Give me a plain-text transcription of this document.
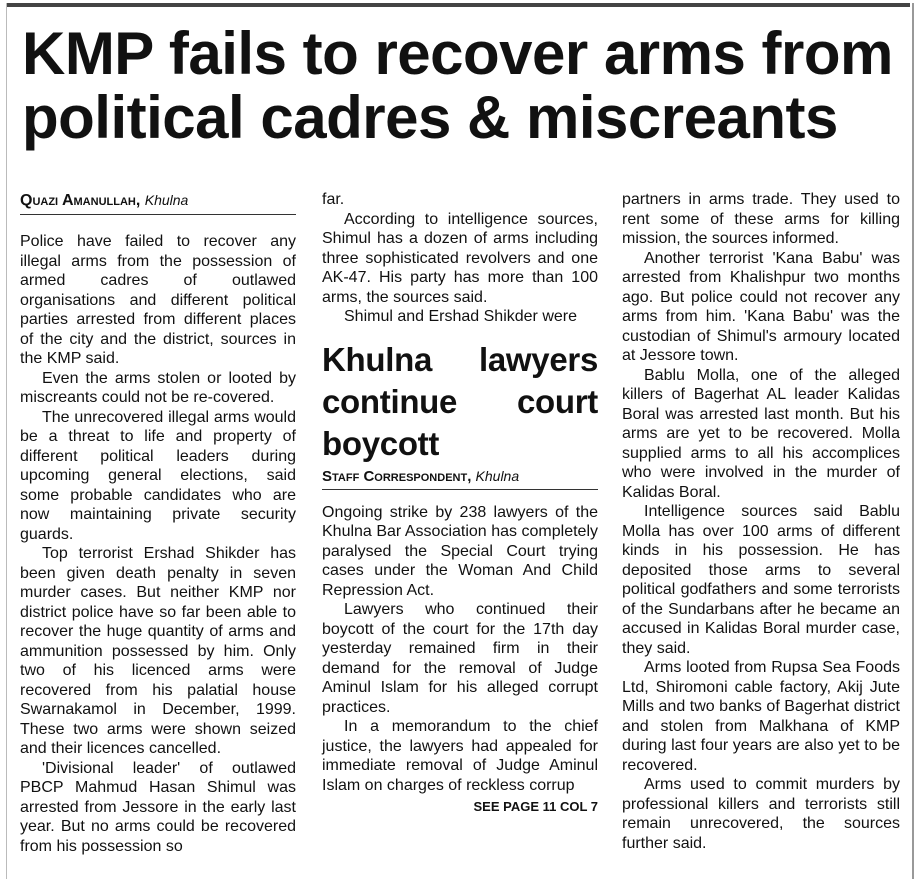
KMP fails to recover arms from political cadres & miscreants
Quazi Amanullah, Khulna

Police have failed to recover any illegal arms from the possession of armed cadres of outlawed organisations and different political parties arrested from different places of the city and the district, sources in the KMP said.

Even the arms stolen or looted by miscreants could not be re-covered.

The unrecovered illegal arms would be a threat to life and property of different political leaders during upcoming general elections, said some probable candidates who are now maintaining private security guards.

Top terrorist Ershad Shikder has been given death penalty in seven murder cases. But neither KMP nor district police have so far been able to recover the huge quantity of arms and ammunition possessed by him. Only two of his licenced arms were recovered from his palatial house Swarnakamol in December, 1999. These two arms were shown seized and their licences cancelled.

'Divisional leader' of outlawed PBCP Mahmud Hasan Shimul was arrested from Jessore in the early last year. But no arms could be recovered from his possession so

far.

According to intelligence sources, Shimul has a dozen of arms including three sophisticated revolvers and one AK-47. His party has more than 100 arms, the sources said.

Shimul and Ershad Shikder were

Khulna lawyers continue court boycott
Staff Correspondent, Khulna

Ongoing strike by 238 lawyers of the Khulna Bar Association has completely paralysed the Special Court trying cases under the Woman And Child Repression Act.

Lawyers who continued their boycott of the court for the 17th day yesterday remained firm in their demand for the removal of Judge Aminul Islam for his alleged corrupt practices.

In a memorandum to the chief justice, the lawyers had appealed for immediate removal of Judge Aminul Islam on charges of reckless corrup

SEE PAGE 11 COL 7

partners in arms trade. They used to rent some of these arms for killing mission, the sources informed.

Another terrorist 'Kana Babu' was arrested from Khalishpur two months ago. But police could not recover any arms from him. 'Kana Babu' was the custodian of Shimul's armoury located at Jessore town.

Bablu Molla, one of the alleged killers of Bagerhat AL leader Kalidas Boral was arrested last month. But his arms are yet to be recovered. Molla supplied arms to all his accomplices who were involved in the murder of Kalidas Boral.

Intelligence sources said Bablu Molla has over 100 arms of different kinds in his possession. He has deposited those arms to several political godfathers and some terrorists of the Sundarbans after he became an accused in Kalidas Boral murder case, they said.

Arms looted from Rupsa Sea Foods Ltd, Shiromoni cable factory, Akij Jute Mills and two banks of Bagerhat district and stolen from Malkhana of KMP during last four years are also yet to be recovered.

Arms used to commit murders by professional killers and terrorists still remain unrecovered, the sources further said.
